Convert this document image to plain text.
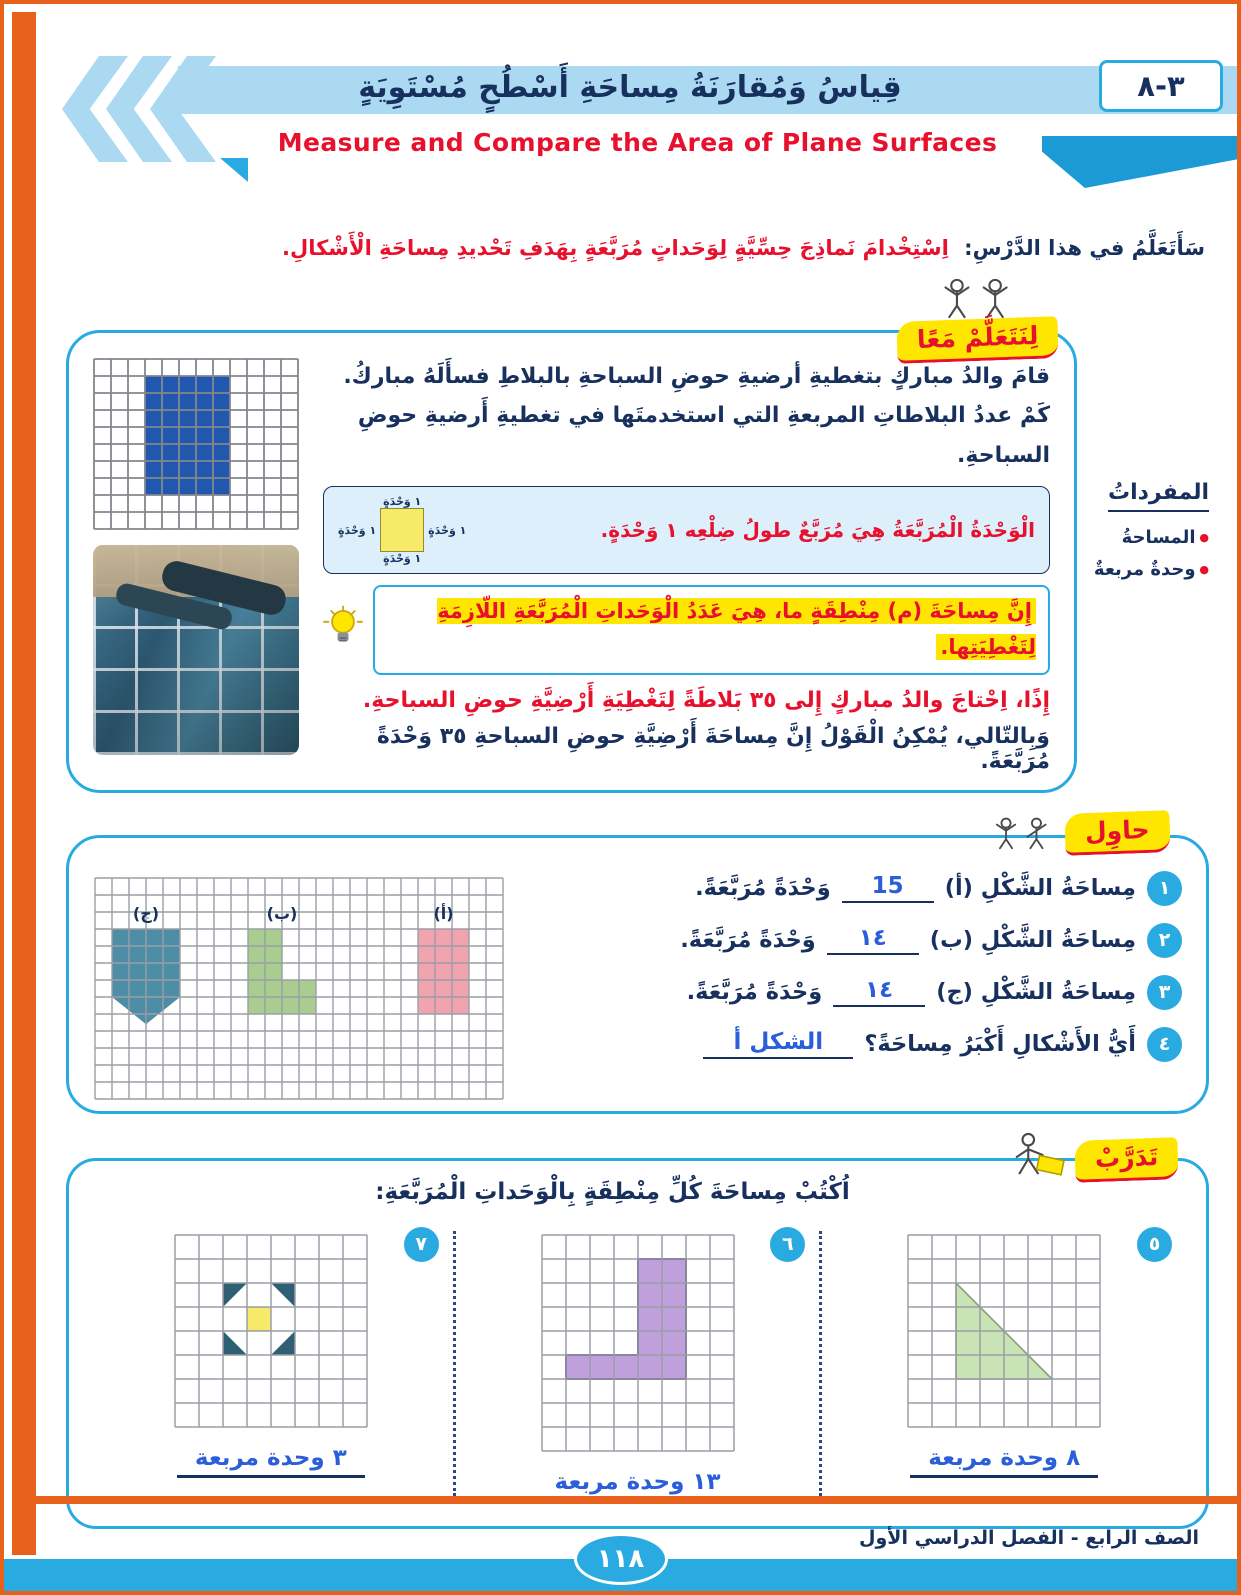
قِياسُ وَمُقارَنَةُ مِساحَةِ أَسْطُحٍ مُسْتَوِيَةٍ
Measure and Compare the Area of Plane Surfaces
٣-٨

سَأَتَعَلَّمُ في هذا الدَّرْسِ: اِسْتِخْدامَ نَماذِجَ حِسِّيَّةٍ لِوَحَداتٍ مُرَبَّعَةٍ بِهَدَفِ تَحْديدِ مِساحَةِ الْأَشْكالِ.

لِنَتَعَلَّمْ مَعًا

قامَ والدُ مباركٍ بتغطيةِ أرضيةِ حوضِ السباحةِ بالبلاطِ فسأَلَهُ مباركُ. كَمْ عددُ البلاطاتِ المربعةِ التي استخدمتَها في تغطيةِ أَرضيةِ حوضِ السباحةِ.

١ وَحْدَةٍ
١ وَحْدَةٍ
١ وَحْدَةٍ
١ وَحْدَةٍ

الْوَحْدَةُ الْمُرَبَّعَةُ هِيَ مُرَبَّعٌ طولُ ضِلْعِه ١ وَحْدَةٍ.

إِنَّ مِساحَةَ (م) مِنْطِقَةٍ ما، هِيَ عَدَدُ الْوَحَداتِ الْمُرَبَّعَةِ اللّازِمَةِ لِتَغْطِيَتِها.

إِذًا، اِحْتاجَ والدُ مباركٍ إِلى ٣٥ بَلاطَةً لِتَغْطِيَةِ أَرْضِيَّةِ حوضِ السباحةِ.

وَبِالتّالي، يُمْكِنُ الْقَوْلُ إِنَّ مِساحَةَ أَرْضِيَّةِ حوضِ السباحةِ ٣٥ وَحْدَةً مُرَبَّعَةً.

المفرداتُ
● المساحةُ
● وحدةٌ مربعةٌ
حاوِل
(ج)	(ب)	(أ)
١
مِساحَةُ الشَّكْلِ (أ)
15
وَحْدَةً مُرَبَّعَةً.
٢
مِساحَةُ الشَّكْلِ (ب)
١٤
وَحْدَةً مُرَبَّعَةً.
٣
مِساحَةُ الشَّكْلِ (ج)
١٤
وَحْدَةً مُرَبَّعَةً.
٤
أَيُّ الأَشْكالِ أَكْبَرُ مِساحَةً؟
الشكل أ
تَدَرَّبْ

اُكْتُبْ مِساحَةَ كُلِّ مِنْطِقَةٍ بِالْوَحَداتِ الْمُرَبَّعَةِ:

٧
٣ وحدة مربعة
٦
١٣ وحدة مربعة
٥
٨ وحدة مربعة

الصف الرابع - الفصل الدراسي الأول

١١٨
